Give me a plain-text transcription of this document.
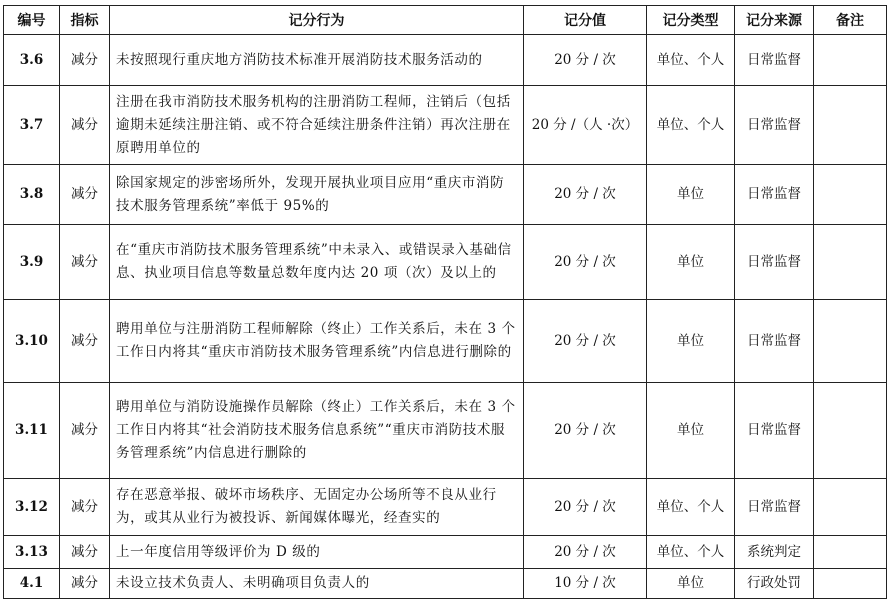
编号	指标	记分行为	记分值	记分类型	记分来源	备注
3.6	减分	未按照现行重庆地方消防技术标准开展消防技术服务活动的	20 分 / 次	单位、个人	日常监督	
3.7	减分	注册在我市消防技术服务机构的注册消防工程师，注销后（包括逾期未延续注册注销、或不符合延续注册条件注销）再次注册在原聘用单位的	20 分 /（人 ·次）	单位、个人	日常监督	
3.8	减分	除国家规定的涉密场所外，发现开展执业项目应用“重庆市消防技术服务管理系统”率低于 95%的	20 分 / 次	单位	日常监督	
3.9	减分	在“重庆市消防技术服务管理系统”中未录入、或错误录入基础信息、执业项目信息等数量总数年度内达 20 项（次）及以上的	20 分 / 次	单位	日常监督	
3.10	减分	聘用单位与注册消防工程师解除（终止）工作关系后，未在 3 个工作日内将其“重庆市消防技术服务管理系统”内信息进行删除的	20 分 / 次	单位	日常监督	
3.11	减分	聘用单位与消防设施操作员解除（终止）工作关系后，未在 3 个工作日内将其“社会消防技术服务信息系统”“重庆市消防技术服务管理系统”内信息进行删除的	20 分 / 次	单位	日常监督	
3.12	减分	存在恶意举报、破坏市场秩序、无固定办公场所等不良从业行为，或其从业行为被投诉、新闻媒体曝光，经查实的	20 分 / 次	单位、个人	日常监督	
3.13	减分	上一年度信用等级评价为 D 级的	20 分 / 次	单位、个人	系统判定	
4.1	减分	未设立技术负责人、未明确项目负责人的	10 分 / 次	单位	行政处罚	
